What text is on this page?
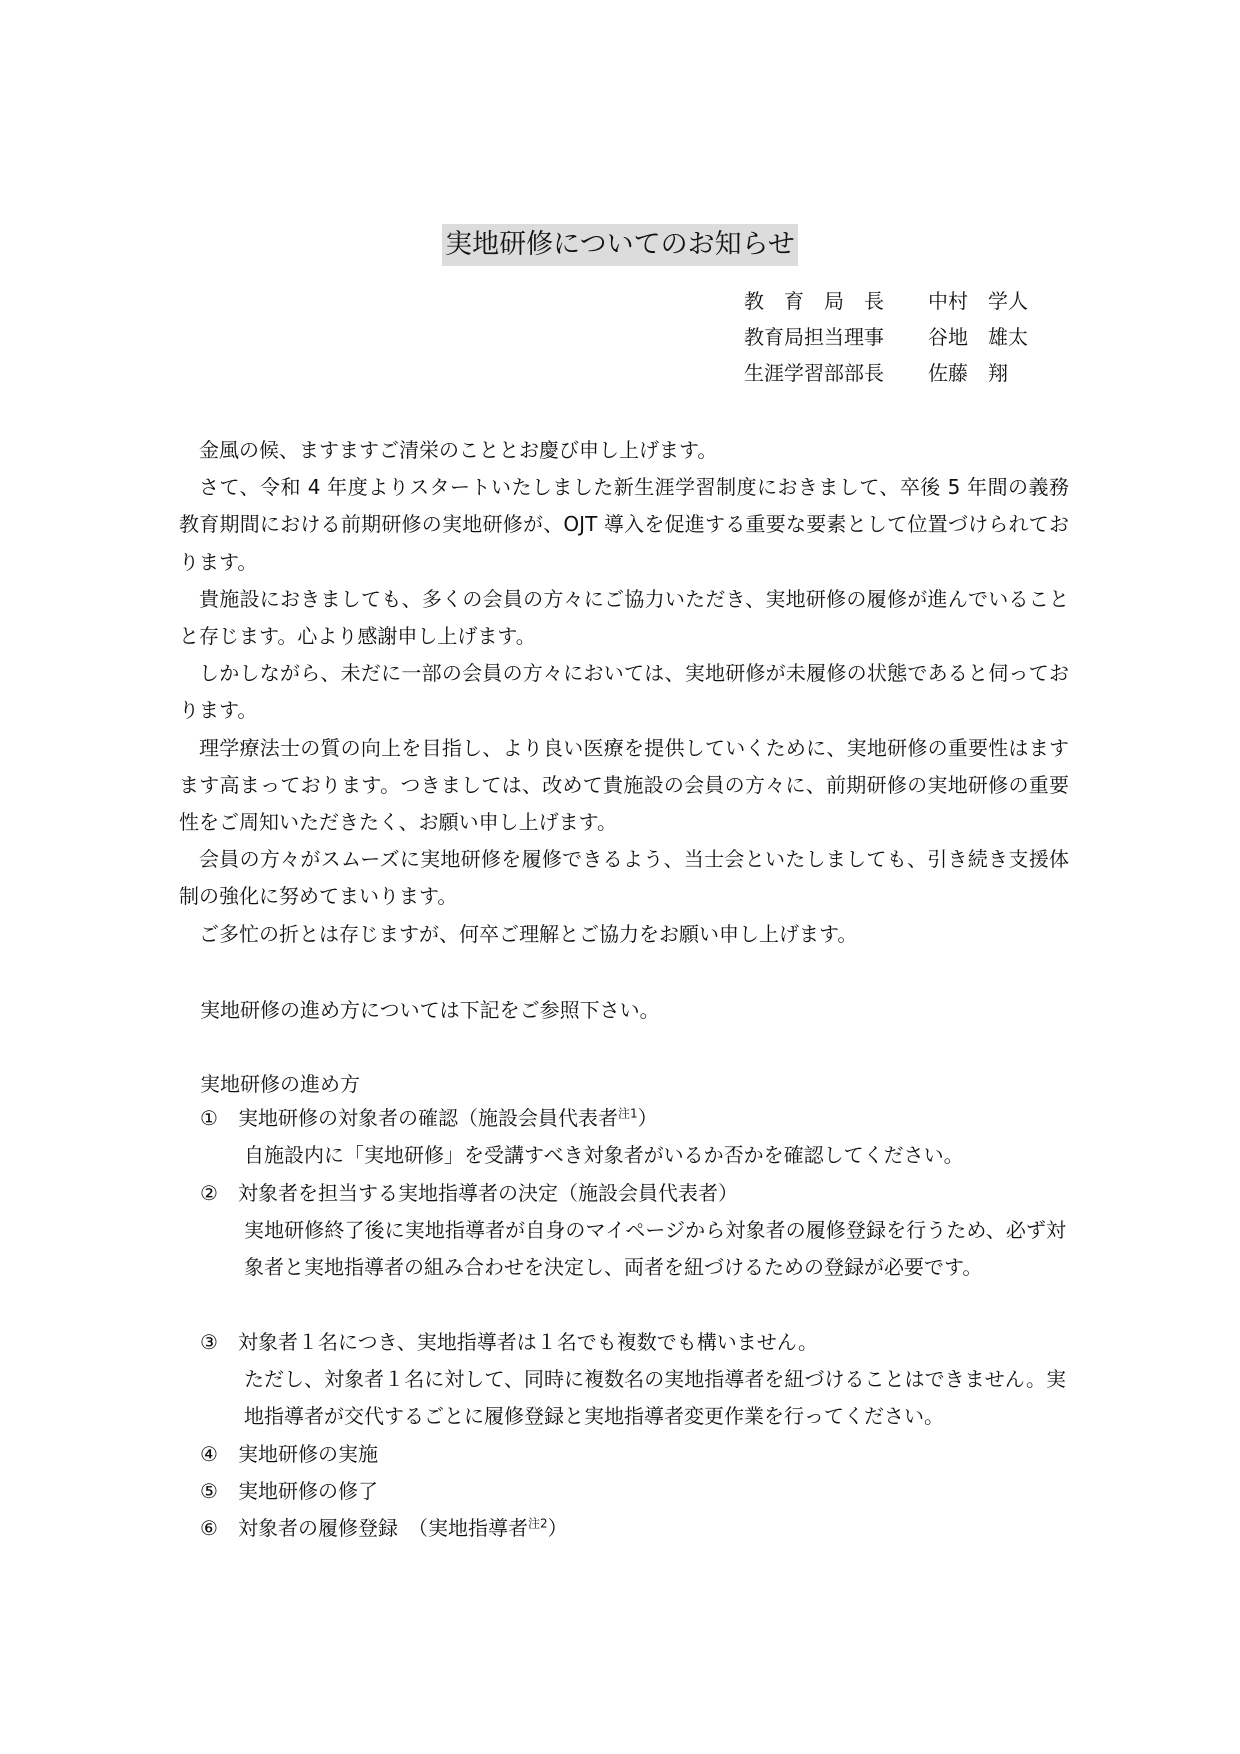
実地研修についてのお知らせ
教　育　局　長 中村　学人
教育局担当理事 谷地　雄太
生涯学習部部長 佐藤　翔

金風の候、ますますご清栄のこととお慶び申し上げます。

さて、令和 4 年度よりスタートいたしました新生涯学習制度におきまして、卒後 5 年間の義務教育期間における前期研修の実地研修が、OJT 導入を促進する重要な要素として位置づけられております。

貴施設におきましても、多くの会員の方々にご協力いただき、実地研修の履修が進んでいることと存じます。心より感謝申し上げます。

しかしながら、未だに一部の会員の方々においては、実地研修が未履修の状態であると伺っております。

理学療法士の質の向上を目指し、より良い医療を提供していくために、実地研修の重要性はますます高まっております。つきましては、改めて貴施設の会員の方々に、前期研修の実地研修の重要性をご周知いただきたく、お願い申し上げます。

会員の方々がスムーズに実地研修を履修できるよう、当士会といたしましても、引き続き支援体制の強化に努めてまいります。

ご多忙の折とは存じますが、何卒ご理解とご協力をお願い申し上げます。

実地研修の進め方については下記をご参照下さい。

実地研修の進め方

① 実地研修の対象者の確認（施設会員代表者$^{注1}$）

自施設内に「実地研修」を受講すべき対象者がいるか否かを確認してください。

② 対象者を担当する実地指導者の決定（施設会員代表者）

実地研修終了後に実地指導者が自身のマイページから対象者の履修登録を行うため、必ず対象者と実地指導者の組み合わせを決定し、両者を紐づけるための登録が必要です。

③ 対象者１名につき、実地指導者は１名でも複数でも構いません。

ただし、対象者１名に対して、同時に複数名の実地指導者を紐づけることはできません。実地指導者が交代するごとに履修登録と実地指導者変更作業を行ってください。

④ 実地研修の実施

⑤ 実地研修の修了

⑥ 対象者の履修登録　（実地指導者$^{注2}$）
